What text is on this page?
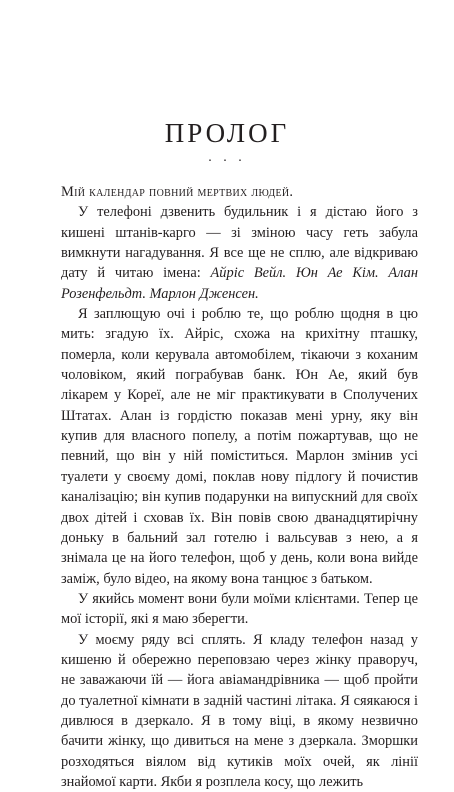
ПРОЛОГ
. . .

Мій календар повний мертвих людей.

У телефоні дзвенить будильник і я дістаю його з кишені штанів-карго — зі зміною часу геть забула вимкнути нагадування. Я все ще не сплю, але відкриваю дату й читаю імена: Айріс Вейл. Юн Ае Кім. Алан Розенфельдт. Марлон Дженсен.

Я заплющую очі і роблю те, що роблю щодня в цю мить: згадую їх. Айріс, схожа на крихітну пташку, померла, коли керувала автомобілем, тікаючи з коханим чоловіком, який пограбував банк. Юн Ае, який був лікарем у Кореї, але не міг практикувати в Сполучених Штатах. Алан із гордістю показав мені урну, яку він купив для власного попелу, а потім пожартував, що не певний, що він у ній поміститься. Марлон змінив усі туалети у своєму домі, поклав нову підлогу й почистив каналізацію; він купив подарунки на випускний для своїх двох дітей і сховав їх. Він повів свою дванадцятирічну доньку в бальний зал готелю і вальсував з нею, а я знімала це на його телефон, щоб у день, коли вона вийде заміж, було відео, на якому вона танцює з батьком.

У якийсь момент вони були моїми клієнтами. Тепер це мої історії, які я маю зберегти.

У моєму ряду всі сплять. Я кладу телефон назад у кишеню й обережно переповзаю через жінку праворуч, не заважаючи їй — йога авіамандрівника — щоб пройти до туалетної кімнати в задній частині літака. Я сяякаюся і дивлюся в дзеркало. Я в тому віці, в якому незвично бачити жінку, що дивиться на мене з дзеркала. Зморшки розходяться віялом від кутиків моїх очей, як лінії знайомої карти. Якби я розплела косу, що лежить
